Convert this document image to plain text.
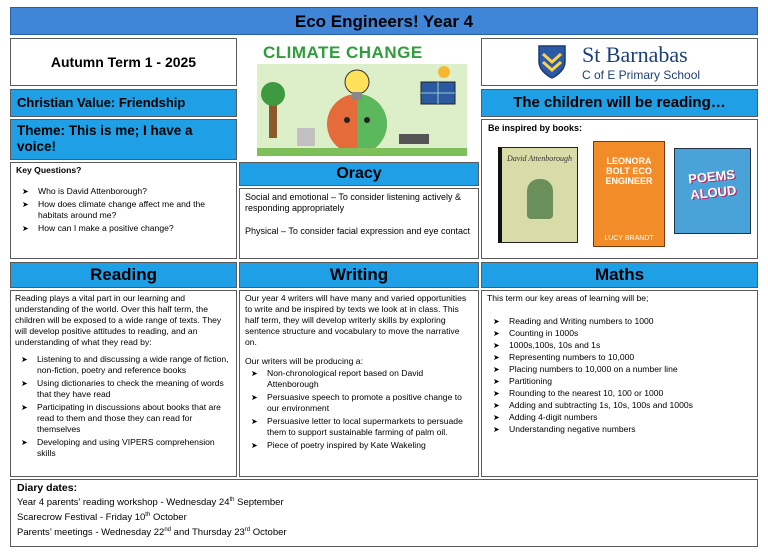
Eco Engineers! Year 4
Autumn Term 1 - 2025	CLIMATE CHANGE	St Barnabas
C of E Primary School
Christian Value: Friendship	The children will be reading…
Theme: This is me; I have a voice!
Be inspired by books:
David Attenborough	LEONORA BOLT ECO ENGINEER
LUCY BRANDT
POEMS ALOUD
Key Questions?
➤ Who is David Attenborough?
➤ How does climate change affect me and the habitats around me?
➤ How can I make a positive change?
Oracy
Social and emotional – To consider listening actively & responding appropriately
Physical – To consider facial expression and eye contact
Reading	Writing	Maths
Reading plays a vital part in our learning and understanding of the world. Over this half term, the children will be exposed to a wide range of texts. They will develop positive attitudes to reading, and an understanding of what they read by:
➤ Listening to and discussing a wide range of fiction, non-fiction, poetry and reference books
➤ Using dictionaries to check the meaning of words that they have read
➤ Participating in discussions about books that are read to them and those they can read for themselves
➤ Developing and using VIPERS comprehension skills
Our year 4 writers will have many and varied opportunities to write and be inspired by texts we look at in class. This half term, they will develop writerly skills by exploring sentence structure and vocabulary to move the narrative on.
Our writers will be producing a:
➤ Non-chronological report based on David Attenborough
➤ Persuasive speech to promote a positive change to our environment
➤ Persuasive letter to local supermarkets to persuade them to support sustainable farming of palm oil.
➤ Piece of poetry inspired by Kate Wakeling
This term our key areas of learning will be;
➤ Reading and Writing numbers to 1000
➤ Counting in 1000s
➤ 1000s,100s, 10s and 1s
➤ Representing numbers to 10,000
➤ Placing numbers to 10,000 on a number line
➤ Partitioning
➤ Rounding to the nearest 10, 100 or 1000
➤ Adding and subtracting 1s, 10s, 100s and 1000s
➤ Adding 4-digit numbers
➤ Understanding negative numbers
Diary dates:
Year 4 parents’ reading workshop - Wednesday 24th September
Scarecrow Festival - Friday 10th October
Parents’ meetings - Wednesday 22nd and Thursday 23rd October
